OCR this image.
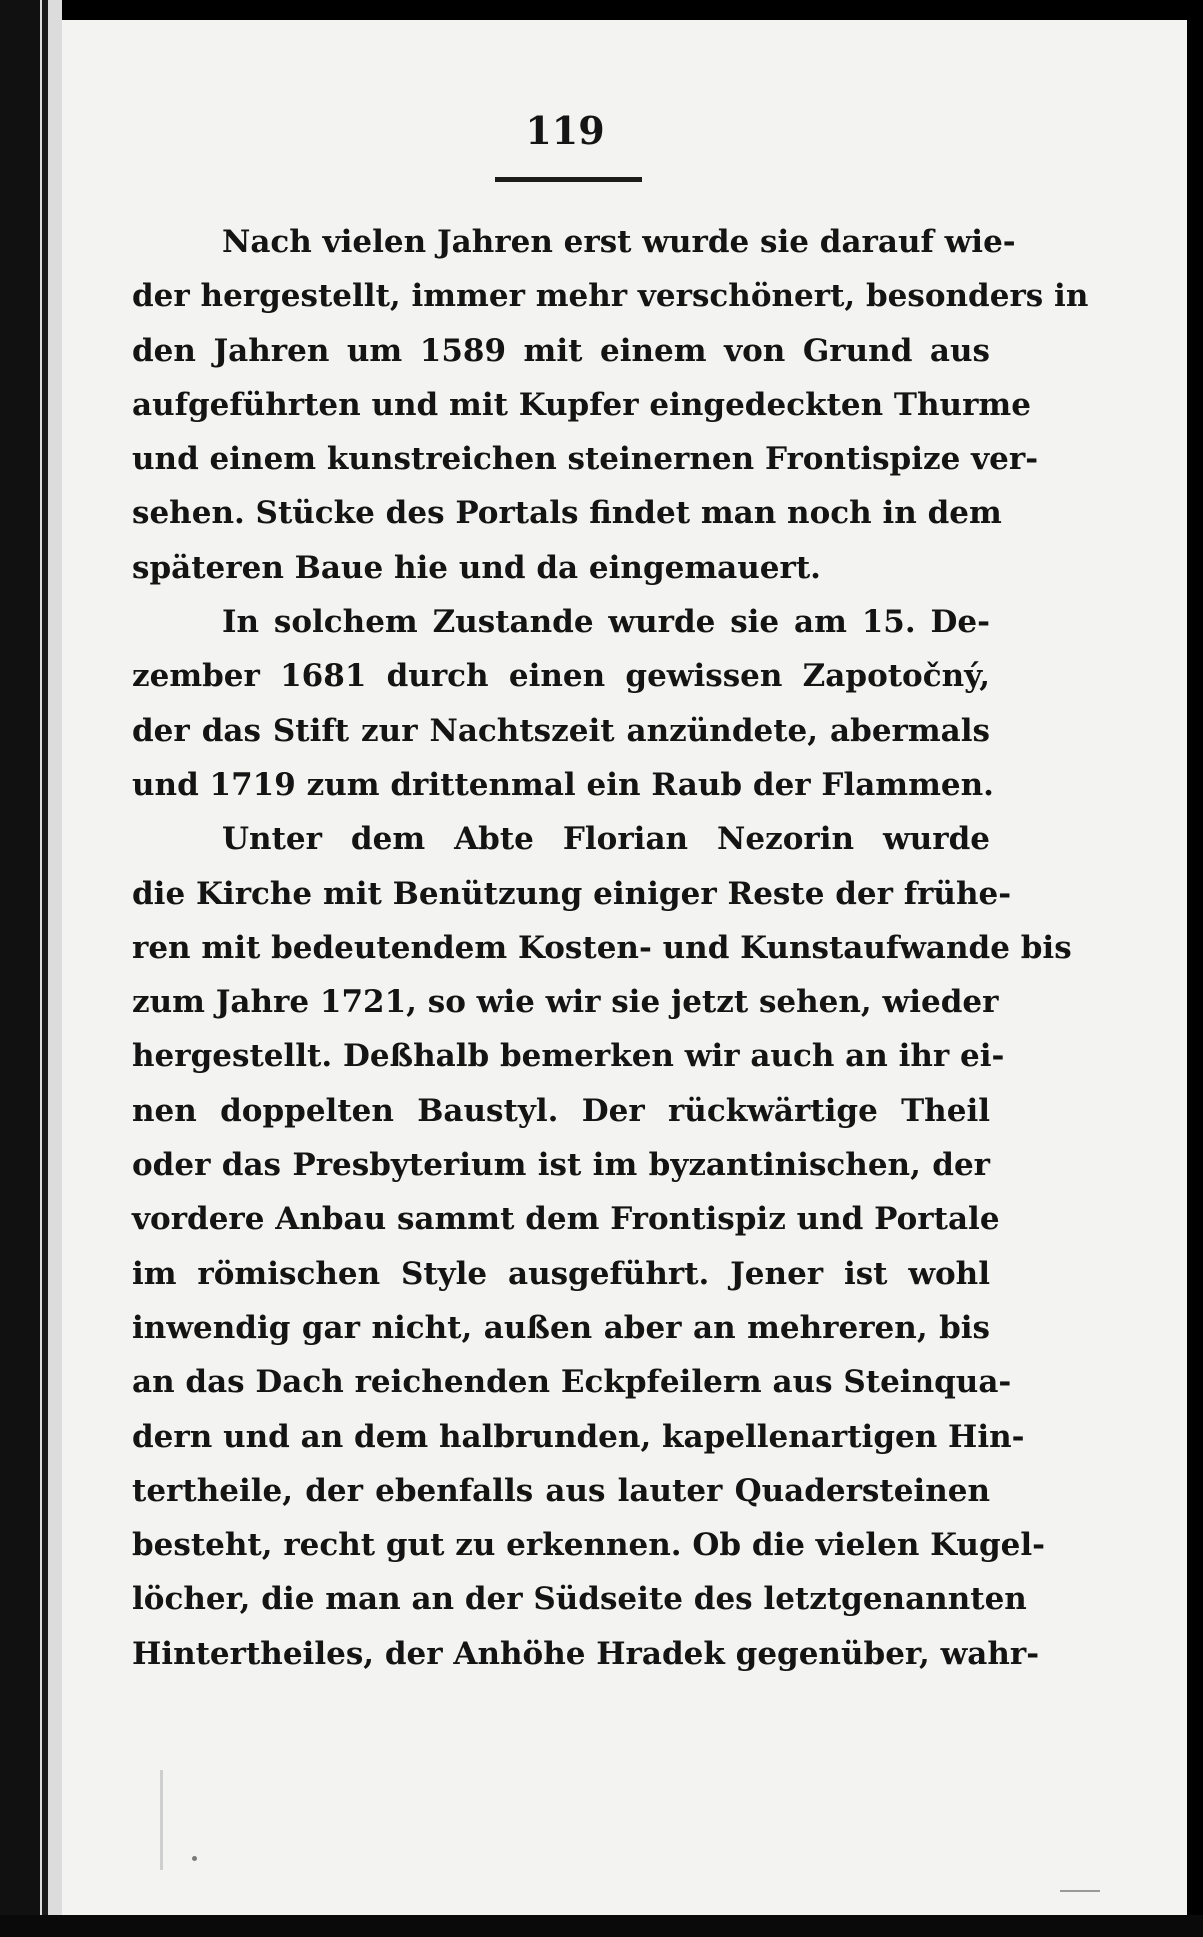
119
Nach vielen Jahren erst wurde sie darauf wie-
der hergestellt, immer mehr verschönert, besonders in
den Jahren um 1589 mit einem von Grund aus
aufgeführten und mit Kupfer eingedeckten Thurme
und einem kunstreichen steinernen Frontispize ver-
sehen. Stücke des Portals findet man noch in dem
späteren Baue hie und da eingemauert.
In solchem Zustande wurde sie am 15. De-
zember 1681 durch einen gewissen Zapotočný,
der das Stift zur Nachtszeit anzündete, abermals
und 1719 zum drittenmal ein Raub der Flammen.
Unter dem Abte Florian Nezorin wurde
die Kirche mit Benützung einiger Reste der frühe-
ren mit bedeutendem Kosten- und Kunstaufwande bis
zum Jahre 1721, so wie wir sie jetzt sehen, wieder
hergestellt. Deßhalb bemerken wir auch an ihr ei-
nen doppelten Baustyl. Der rückwärtige Theil
oder das Presbyterium ist im byzantinischen, der
vordere Anbau sammt dem Frontispiz und Portale
im römischen Style ausgeführt. Jener ist wohl
inwendig gar nicht, außen aber an mehreren, bis
an das Dach reichenden Eckpfeilern aus Steinqua-
dern und an dem halbrunden, kapellenartigen Hin-
tertheile, der ebenfalls aus lauter Quadersteinen
besteht, recht gut zu erkennen. Ob die vielen Kugel-
löcher, die man an der Südseite des letztgenannten
Hintertheiles, der Anhöhe Hradek gegenüber, wahr-
